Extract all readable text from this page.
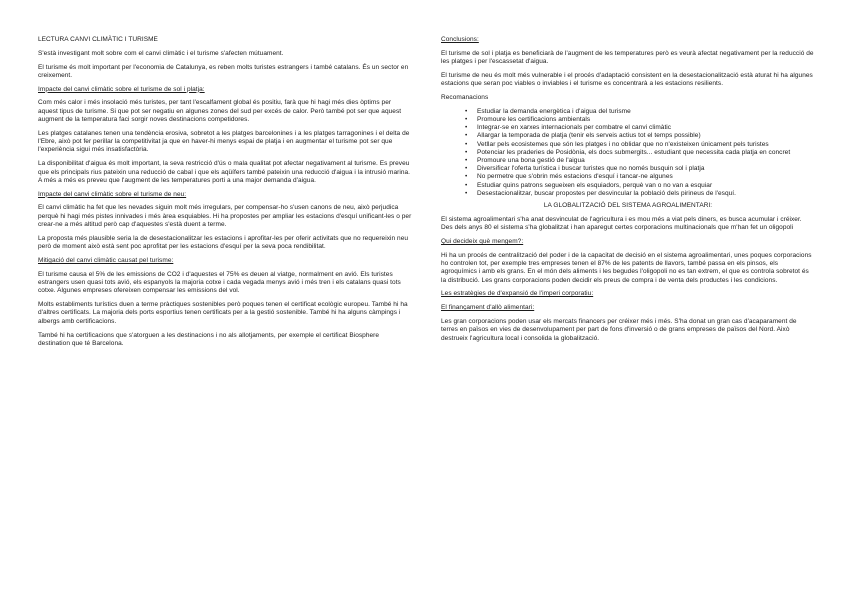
LECTURA CANVI CLIMÀTIC I TURISME

S'està investigant molt sobre com el canvi climàtic i el turisme s'afecten mútuament.

El turisme és molt important per l'economia de Catalunya, es reben molts turistes estrangers i també catalans. És un sector en creixement.

Impacte del canvi climàtic sobre el turisme de sol i platja:

Com més calor i més insolació més turistes, per tant l'escalfament global és positiu, farà que hi hagi més dies òptims per aquest tipus de turisme. Si que pot ser negatiu en algunes zones del sud per excés de calor. Però també pot ser que aquest augment de la temperatura faci sorgir noves destinacions competidores.

Les platges catalanes tenen una tendència erosiva, sobretot a les platges barcelonines i a les platges tarragonines i el delta de l'Ebre, això pot fer perillar la competitivitat ja que en haver-hi menys espai de platja i en augmentar el turisme pot ser que l'experiència sigui més insatisfactòria.

La disponibilitat d'aigua és molt important, la seva restricció d'ús o mala qualitat pot afectar negativament al turisme. Es preveu que els principals rius pateixin una reducció de cabal i que els aqüífers també pateixin una reducció d'aigua i la intrusió marina. A més a més es preveu que l'augment de les temperatures porti a una major demanda d'aigua.

Impacte del canvi climàtic sobre el turisme de neu:

El canvi climàtic ha fet que les nevades siguin molt més irregulars, per compensar-ho s'usen canons de neu, això perjudica perquè hi hagi més pistes innivades i més àrea esquiables. Hi ha propostes per ampliar les estacions d'esquí unificant-les o per crear-ne a més altitud però cap d'aquestes s'està duent a terme.

La proposta més plausible seria la de desestacionalitzar les estacions i aprofitar-les per oferir activitats que no requereixin neu però de moment això està sent poc aprofitat per les estacions d'esquí per la seva poca rendibilitat.

Mitigació del canvi climàtic causat pel turisme:

El turisme causa el 5% de les emissions de CO2 i d'aquestes el 75% es deuen al viatge, normalment en avió. Els turistes estrangers usen quasi tots avió, els espanyols la majoria cotxe i cada vegada menys avió i més tren i els catalans quasi tots cotxe. Algunes empreses ofereixen compensar les emissions del vol.

Molts establiments turístics duen a terme pràctiques sostenibles però poques tenen el certificat ecològic europeu. També hi ha d'altres certificats. La majoria dels ports esportius tenen certificats per a la gestió sostenible. També hi ha alguns càmpings i albergs amb certificacions.

També hi ha certificacions que s'atorguen a les destinacions i no als allotjaments, per exemple el certificat Biosphere destination que té Barcelona.

Conclusions:

El turisme de sol i platja es beneficiarà de l'augment de les temperatures però es veurà afectat negativament per la reducció de les platges i per l'escassetat d'aigua.

El turisme de neu és molt més vulnerable i el procés d'adaptació consistent en la desestacionalització està aturat hi ha algunes estacions que seran poc viables o inviables i el turisme es concentrarà a les estacions resilients.

Recomanacions

• Estudiar la demanda energètica i d'aigua del turisme
• Promoure les certificacions ambientals
• Integrar-se en xarxes internacionals per combatre el canvi climàtic
• Allargar la temporada de platja (tenir els serveis actius tot el temps possible)
• Vetllar pels ecosistemes que són les platges i no oblidar que no n'existeixen únicament pels turistes
• Potenciar les praderies de Posidònia, els docs submergits... estudiant que necessita cada platja en concret
• Promoure una bona gestió de l'aigua
• Diversificar l'oferta turística i buscar turistes que no només busquin sol i platja
• No permetre que s'obrin més estacions d'esquí i tancar-ne algunes
• Estudiar quins patrons segueixen els esquiadors, perquè van o no van a esquiar
• Desestacionalitzar, buscar propostes per desvincular la població dels pirineus de l'esquí.

LA GLOBALITZACIÓ DEL SISTEMA AGROALIMENTARI:

El sistema agroalimentari s'ha anat desvinculat de l'agricultura i es mou més a viat pels diners, es busca acumular i créixer. Des dels anys 80 el sistema s'ha globalitzat i han aparegut certes corporacions multinacionals que m'han fet un oligopoli

Qui decideix què mengem?:

Hi ha un procés de centralització del poder i de la capacitat de decisió en el sistema agroalimentari, unes poques corporacions ho controlen tot, per exemple tres empreses tenen el 87% de les patents de llavors, també passa en els pinsos, els agroquímics i amb els grans. En el món dels aliments i les begudes l'oligopoli no es tan extrem, el que es controla sobretot és la distribució. Les grans corporacions poden decidir els preus de compra i de venta dels productes i les condicions.

Les estratègies de d'expansió de l'imperi corporatiu:

El finançament d'allò alimentari:

Les gran corporacions poden usar els mercats financers per créixer més i més. S'ha donat un gran cas d'acaparament de terres en països en vies de desenvolupament per part de fons d'inversió o de grans empreses de països del Nord. Això destrueix l'agricultura local i consolida la globalització.
